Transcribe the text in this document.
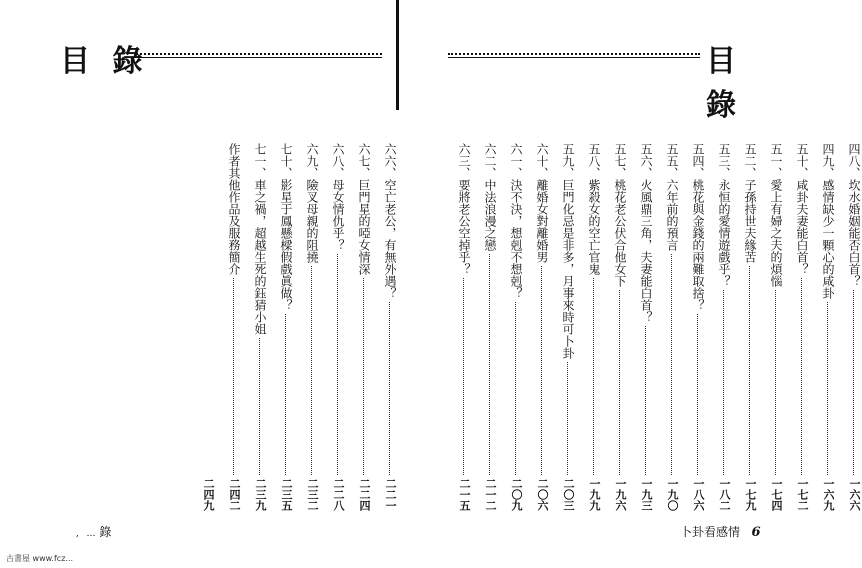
目 錄
六六、空亡老公，有無外遇？
二二一
六七、巨門星的啞女情深
二二四
六八、母女情仇乎？
二二八
六九、險叉母親的阻撓
二三二
七十、影星于鳳懸樑假戲眞做？
二三五
七一、車之禍，超越生死的鈺猜小姐
二三九
作者其他作品及服務簡介
二四二
二四九
, … 錄
目 錄
四八、坎水婚姻能否白首？
一六六
四九、感情缺少一顆心的咸卦
一六九
五十、咸卦夫妻能白首？
一七二
五一、愛上有婦之夫的煩惱
一七四
五二、子孫持世夫緣苦
一七九
五三、永恒的愛情遊戲乎？
一八二
五四、桃花與金錢的兩難取捨？
一八六
五五、六年前的預言
一九〇
五六、火風鼎三角，夫妻能白首？
一九三
五七、桃花老公伏合他女下
一九六
五八、紫殺女的空亡官鬼
一九九
五九、巨門化忌是非多，月事來時可卜卦
二〇三
六十、離婚女對離婚男
二〇六
六一、決不決，想剋不想剋？
二〇九
六二、中法浪漫之戀
二一二
六三、要將老公空掉乎？
二一五
卜卦看感情 6
古書屋 www.fcz...
